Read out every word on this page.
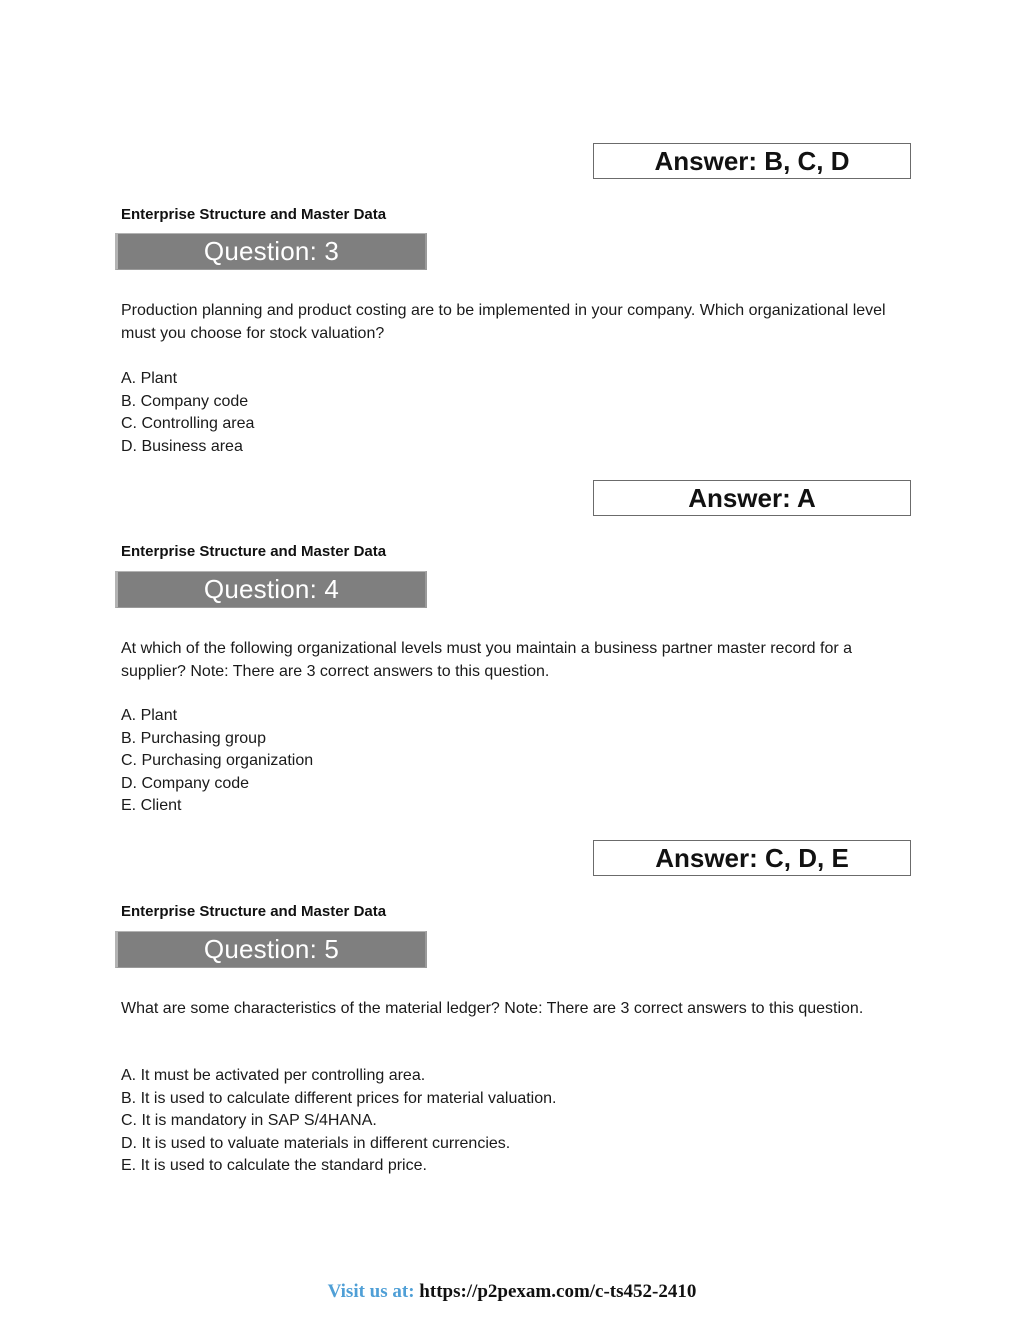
Answer: B, C, D
Enterprise Structure and Master Data
Question: 3

Production planning and product costing are to be implemented in your company. Which organizational level must you choose for stock valuation?

A. Plant
B. Company code
C. Controlling area
D. Business area
Answer: A
Enterprise Structure and Master Data
Question: 4

At which of the following organizational levels must you maintain a business partner master record for a supplier? Note: There are 3 correct answers to this question.

A. Plant
B. Purchasing group
C. Purchasing organization
D. Company code
E. Client
Answer: C, D, E
Enterprise Structure and Master Data
Question: 5

What are some characteristics of the material ledger? Note: There are 3 correct answers to this question.

A. It must be activated per controlling area.
B. It is used to calculate different prices for material valuation.
C. It is mandatory in SAP S/4HANA.
D. It is used to valuate materials in different currencies.
E. It is used to calculate the standard price.
Visit us at: https://p2pexam.com/c-ts452-2410
